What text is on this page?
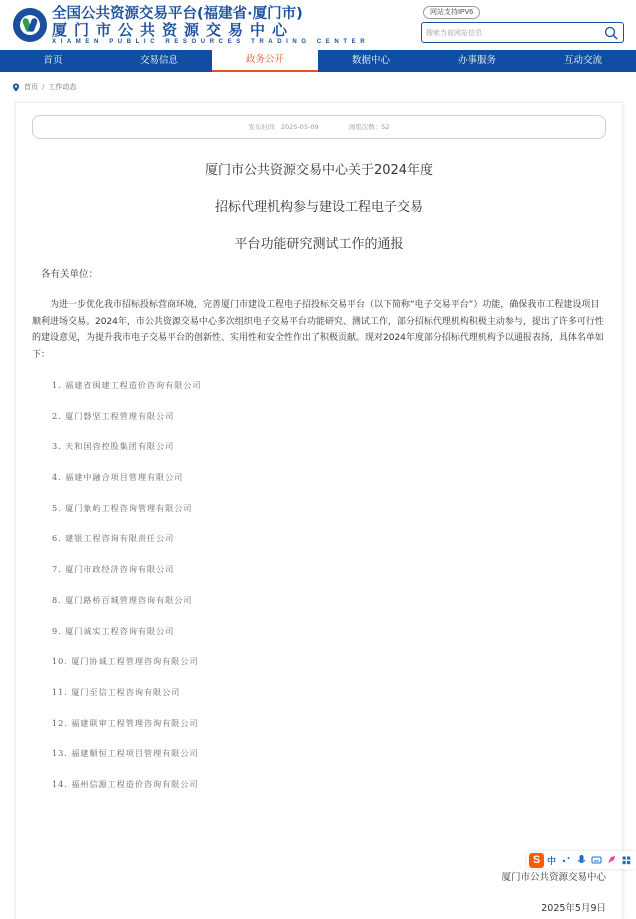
全国公共资源交易平台(福建省·厦门市)
厦门市公共资源交易中心
XIAMEN PUBLIC RESOURCES TRADING CENTER
网站支持IPV6
搜索当前网站信息
首页	交易信息	政务公开	数据中心	办事服务	互动交流
首页 / 工作动态
发布时间：2025-05-09	浏览次数：52
厦门市公共资源交易中心关于2024年度
招标代理机构参与建设工程电子交易
平台功能研究测试工作的通报
各有关单位：
为进一步优化我市招标投标营商环境，完善厦门市建设工程电子招投标交易平台（以下简称“电子交易平台”）功能，确保我市工程建设项目顺利进场交易。2024年，市公共资源交易中心多次组织电子交易平台功能研究、测试工作，部分招标代理机构积极主动参与，提出了许多可行性的建设意见，为提升我市电子交易平台的创新性、实用性和安全性作出了积极贡献。现对2024年度部分招标代理机构予以通报表扬，具体名单如下：
1. 福建省闽建工程造价咨询有限公司
2. 厦门磐坚工程管理有限公司
3. 天和国咨控股集团有限公司
4. 福建中融合项目管理有限公司
5. 厦门象屿工程咨询管理有限公司
6. 建银工程咨询有限责任公司
7. 厦门市政经济咨询有限公司
8. 厦门路桥百城管理咨询有限公司
9. 厦门诚实工程咨询有限公司
10. 厦门协诚工程管理咨询有限公司
11. 厦门至信工程咨询有限公司
12. 福建联审工程管理咨询有限公司
13. 福建顺恒工程项目管理有限公司
14. 福州信源工程造价咨询有限公司
厦门市公共资源交易中心
2025年5月9日
S 中
